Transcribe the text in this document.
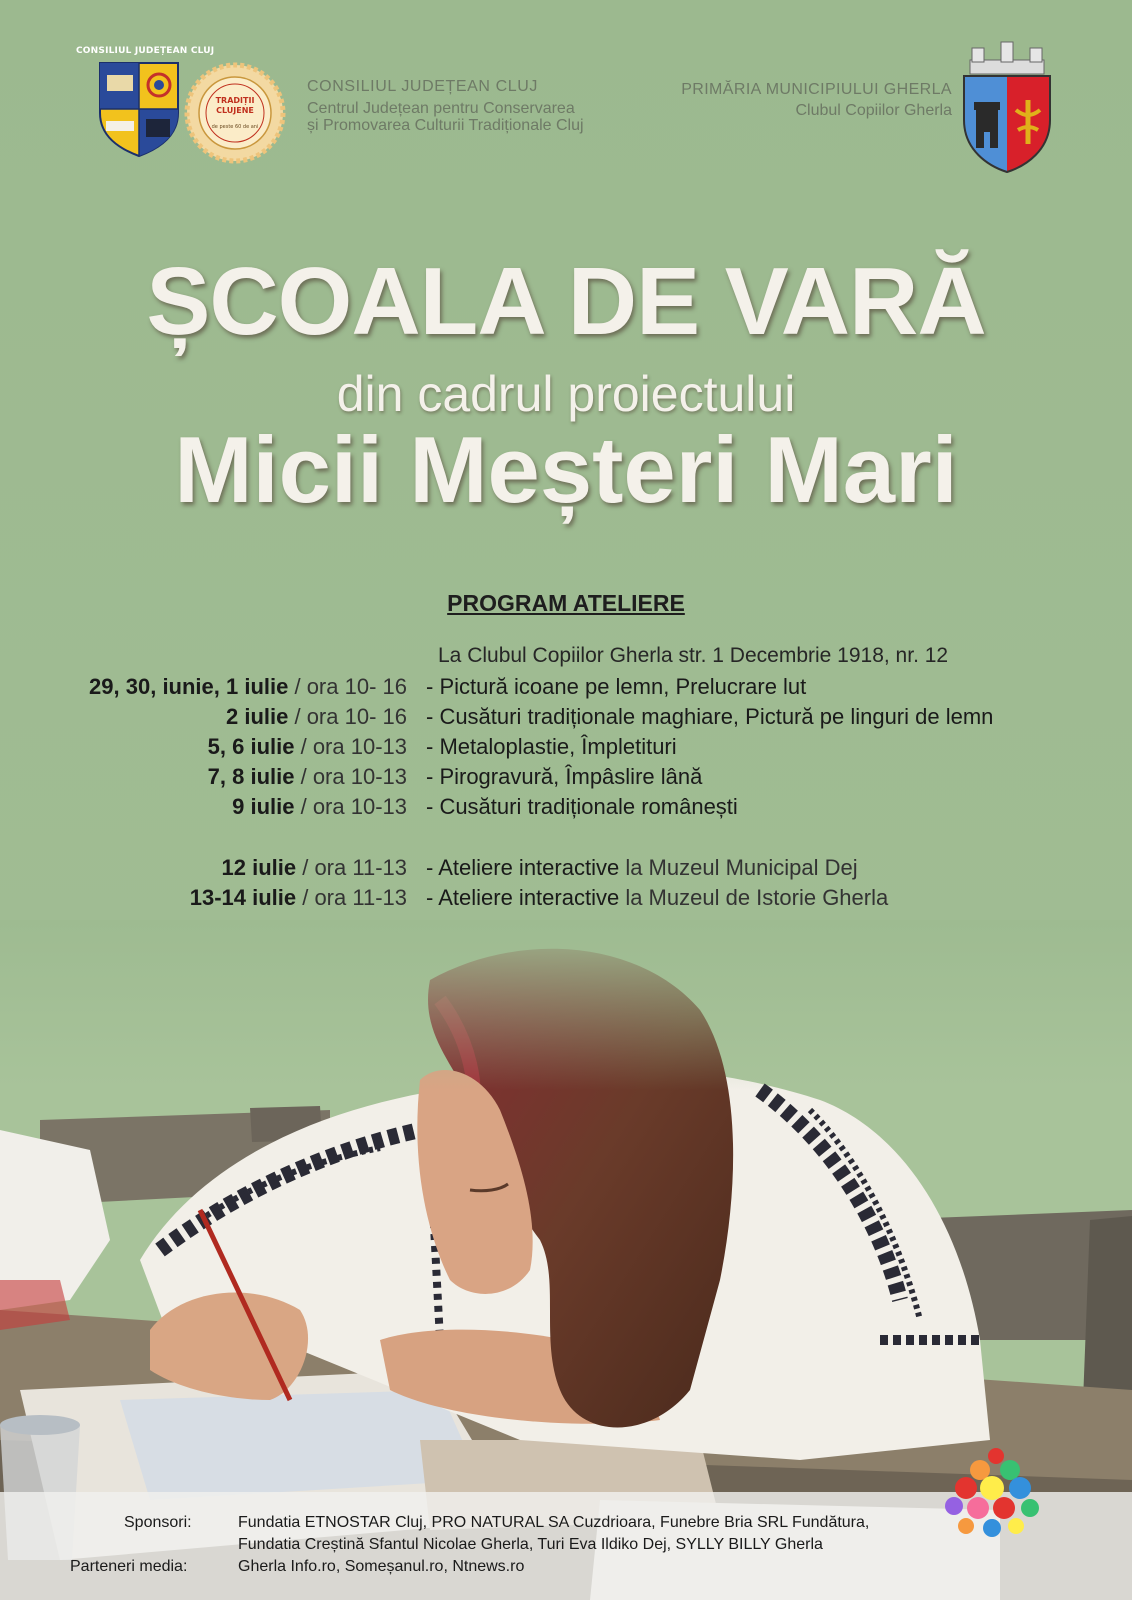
CONSILIUL JUDEȚEAN CLUJ
TRADIȚII
CLUJENE
de peste 60 de ani
CONSILIUL JUDEȚEAN CLUJ
Centrul Județean pentru Conservarea
și Promovarea Culturii Tradiționale Cluj
PRIMĂRIA MUNICIPIULUI GHERLA
Clubul Copiilor Gherla
ȘCOALA DE VARĂ
din cadrul proiectului
Micii Meșteri Mari
PROGRAM ATELIERE
La Clubul Copiilor Gherla str. 1 Decembrie 1918, nr. 12
29, 30, iunie, 1 iulie / ora 10- 16 - Pictură icoane pe lemn, Prelucrare lut
2 iulie / ora 10- 16 - Cusături tradiționale maghiare, Pictură pe linguri de lemn
5, 6 iulie / ora 10-13 - Metaloplastie, Împletituri
7, 8 iulie / ora 10-13 - Pirogravură, Împâslire lână
9 iulie / ora 10-13 - Cusături tradiționale românești
12 iulie / ora 11-13 - Ateliere interactive la Muzeul Municipal Dej
13-14 iulie / ora 11-13 - Ateliere interactive la Muzeul de Istorie Gherla
Sponsori:	Fundatia ETNOSTAR Cluj, PRO NATURAL SA Cuzdrioara, Funebre Bria SRL Fundătura,
Fundatia Creștină Sfantul Nicolae Gherla, Turi Eva Ildiko Dej, SYLLY BILLY Gherla
Parteneri media:	Gherla Info.ro, Someșanul.ro, Ntnews.ro
